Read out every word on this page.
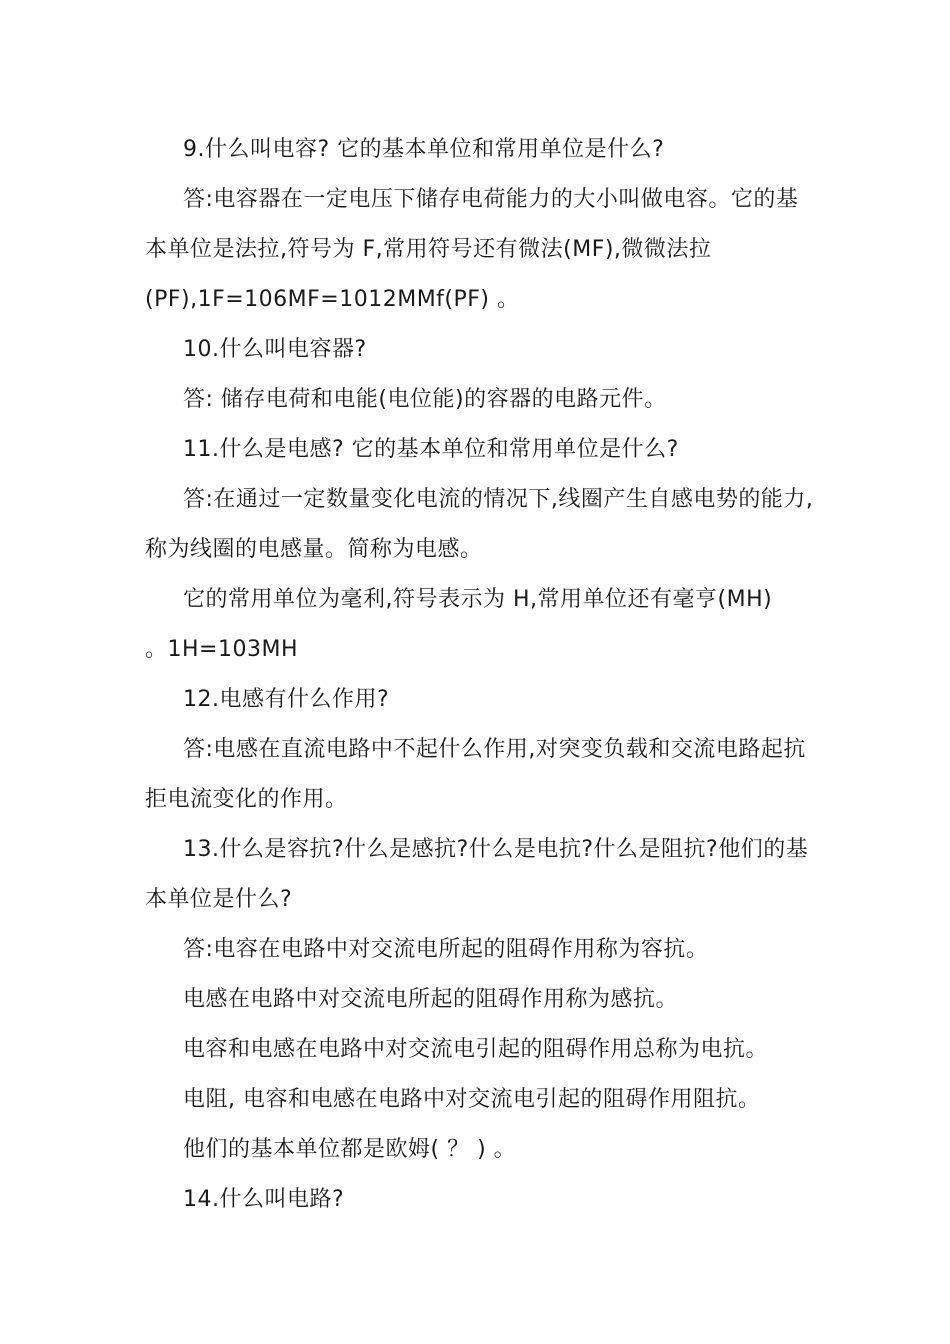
9.什么叫电容? 它的基本单位和常用单位是什么?
答:电容器在一定电压下储存电荷能力的大小叫做电容。它的基
本单位是法拉,符号为 F,常用符号还有微法(MF),微微法拉
(PF),1F=106MF=1012MMf(PF) 。
10.什么叫电容器?
答: 储存电荷和电能(电位能)的容器的电路元件。
11.什么是电感? 它的基本单位和常用单位是什么?
答:在通过一定数量变化电流的情况下,线圈产生自感电势的能力,
称为线圈的电感量。简称为电感。
它的常用单位为毫利,符号表示为 H,常用单位还有毫亨(MH)
。1H=103MH
12.电感有什么作用?
答:电感在直流电路中不起什么作用,对突变负载和交流电路起抗
拒电流变化的作用。
13.什么是容抗?什么是感抗?什么是电抗?什么是阻抗?他们的基
本单位是什么?
答:电容在电路中对交流电所起的阻碍作用称为容抗。
电感在电路中对交流电所起的阻碍作用称为感抗。
电容和电感在电路中对交流电引起的阻碍作用总称为电抗。
电阻, 电容和电感在电路中对交流电引起的阻碍作用阻抗。
他们的基本单位都是欧姆( ？ ) 。
14.什么叫电路?
